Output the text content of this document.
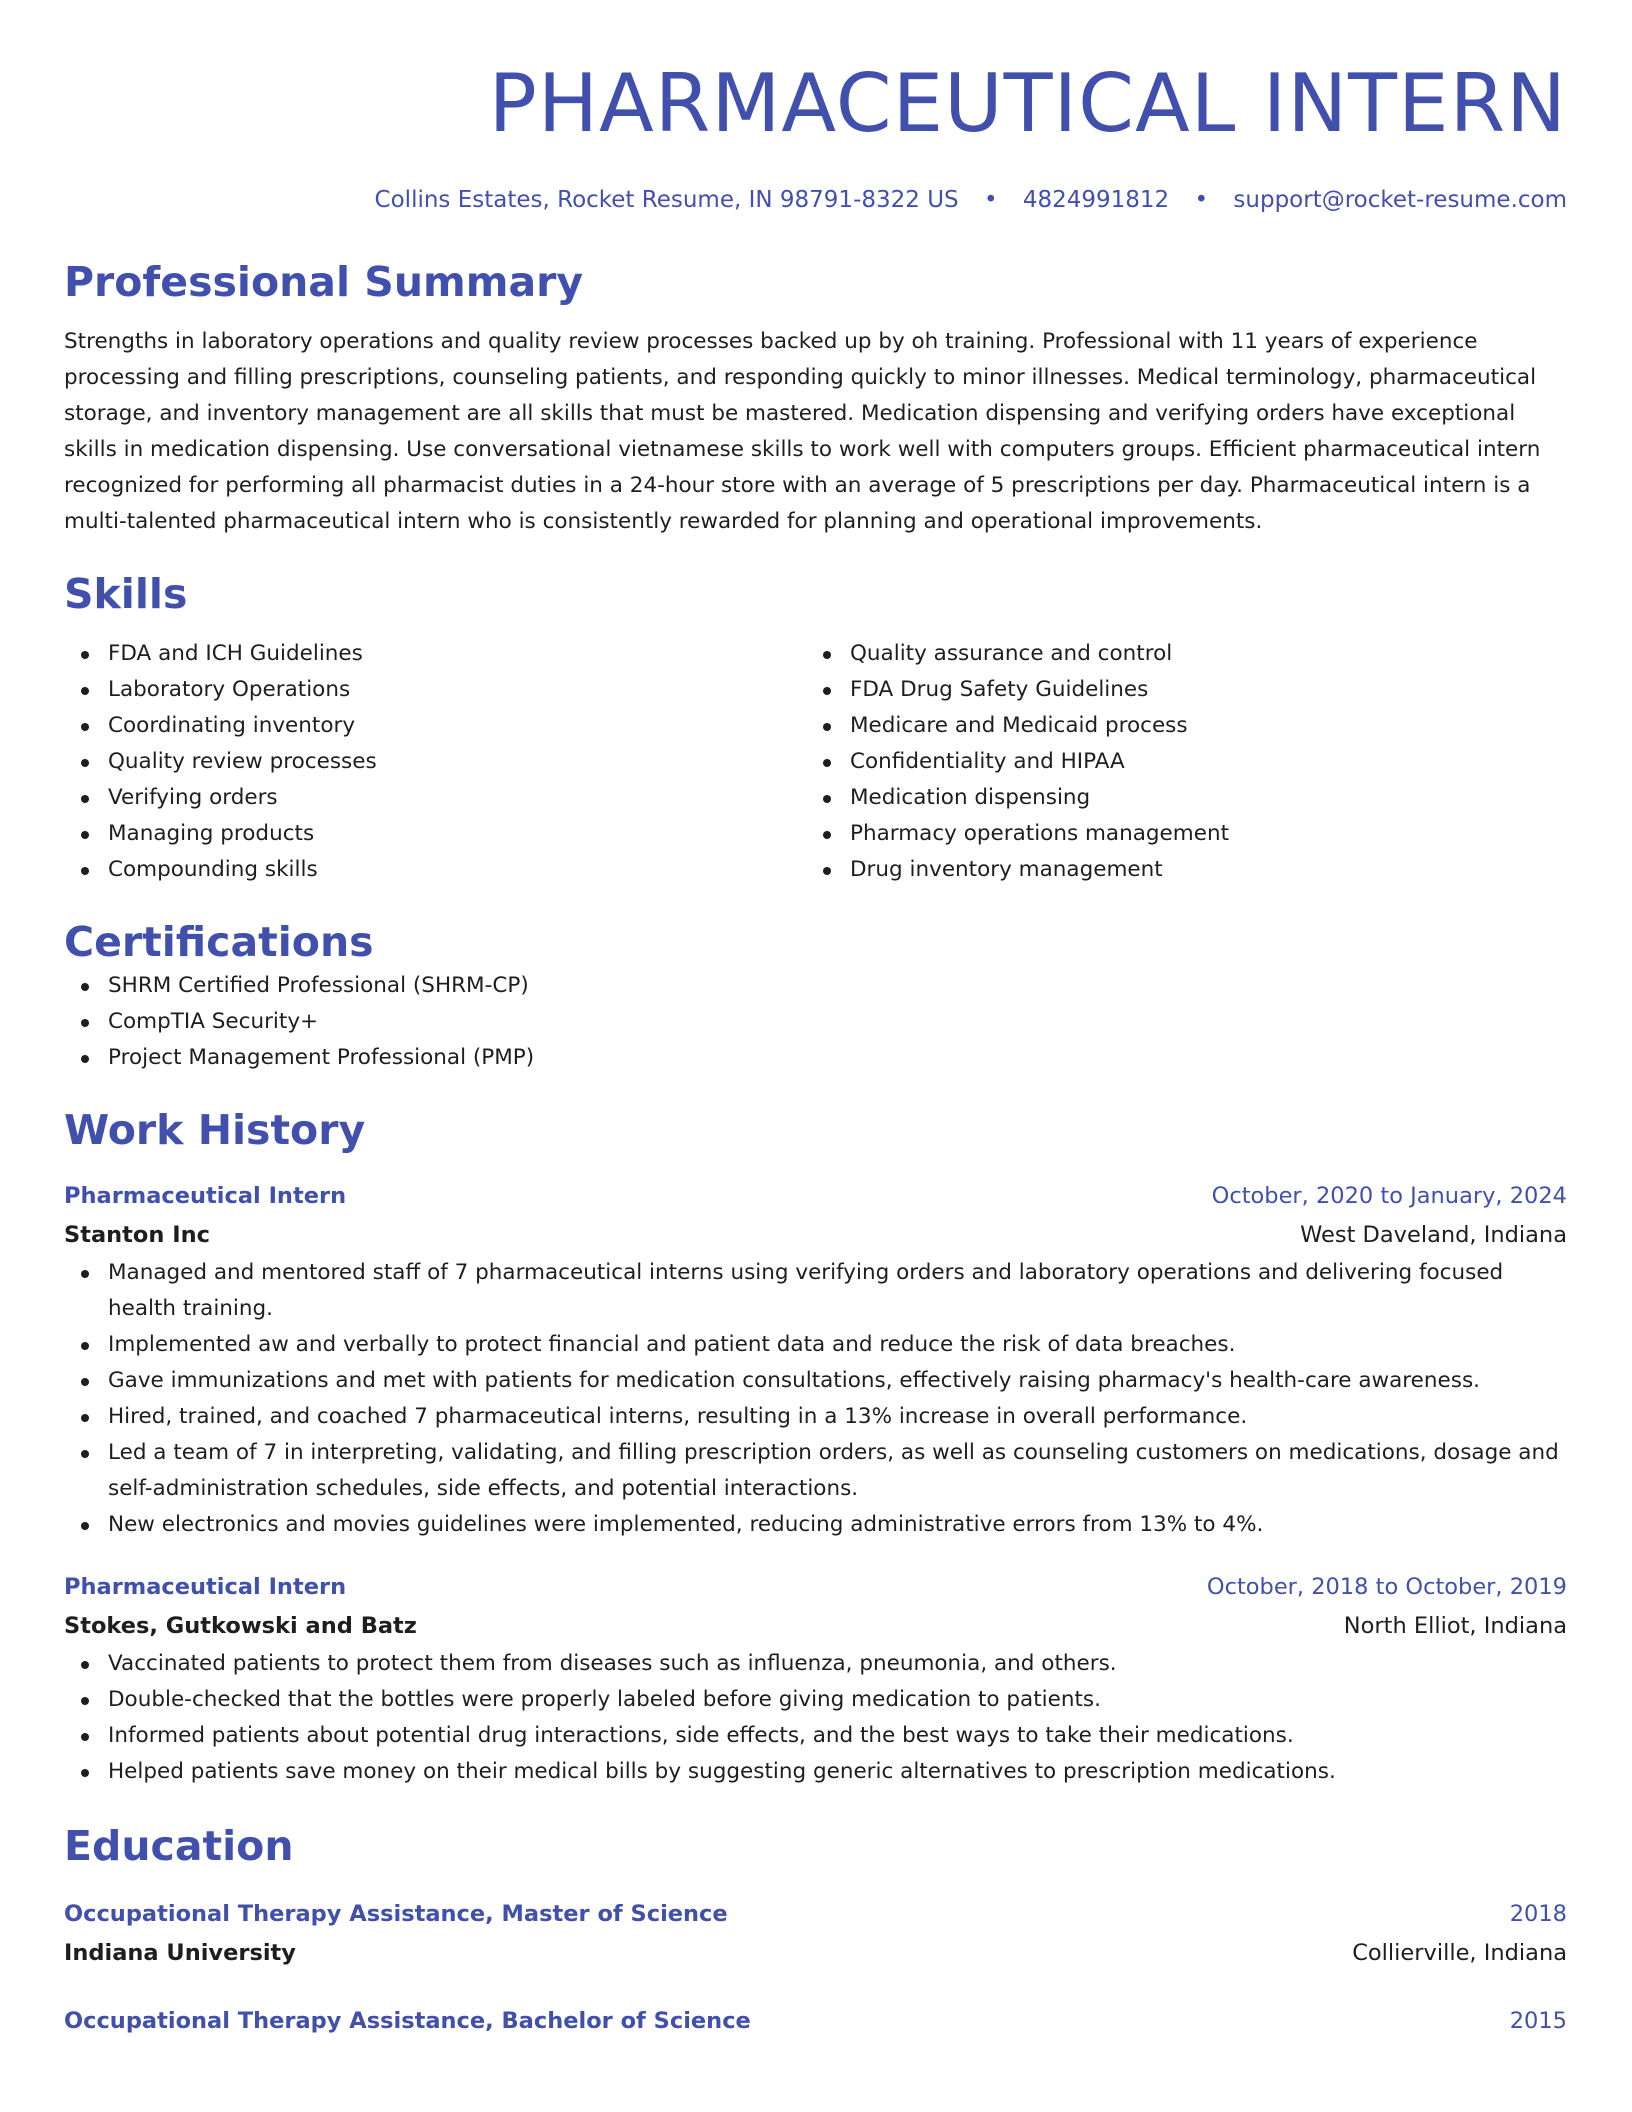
PHARMACEUTICAL INTERN
Collins Estates, Rocket Resume, IN 98791-8322 US • 4824991812 • support@rocket-resume.com
Professional Summary
Strengths in laboratory operations and quality review processes backed up by oh training. Professional with 11 years of experience processing and filling prescriptions, counseling patients, and responding quickly to minor illnesses. Medical terminology, pharmaceutical storage, and inventory management are all skills that must be mastered. Medication dispensing and verifying orders have exceptional skills in medication dispensing. Use conversational vietnamese skills to work well with computers groups. Efficient pharmaceutical intern recognized for performing all pharmacist duties in a 24-hour store with an average of 5 prescriptions per day. Pharmaceutical intern is a multi-talented pharmaceutical intern who is consistently rewarded for planning and operational improvements.
Skills
FDA and ICH Guidelines
Laboratory Operations
Coordinating inventory
Quality review processes
Verifying orders
Managing products
Compounding skills
Quality assurance and control
FDA Drug Safety Guidelines
Medicare and Medicaid process
Confidentiality and HIPAA
Medication dispensing
Pharmacy operations management
Drug inventory management
Certifications
SHRM Certified Professional (SHRM-CP)
CompTIA Security+
Project Management Professional (PMP)
Work History
Pharmaceutical Intern	October, 2020 to January, 2024
Stanton Inc	West Daveland, Indiana
Managed and mentored staff of 7 pharmaceutical interns using verifying orders and laboratory operations and delivering focused health training.
Implemented aw and verbally to protect financial and patient data and reduce the risk of data breaches.
Gave immunizations and met with patients for medication consultations, effectively raising pharmacy's health-care awareness.
Hired, trained, and coached 7 pharmaceutical interns, resulting in a 13% increase in overall performance.
Led a team of 7 in interpreting, validating, and filling prescription orders, as well as counseling customers on medications, dosage and self-administration schedules, side effects, and potential interactions.
New electronics and movies guidelines were implemented, reducing administrative errors from 13% to 4%.
Pharmaceutical Intern	October, 2018 to October, 2019
Stokes, Gutkowski and Batz	North Elliot, Indiana
Vaccinated patients to protect them from diseases such as influenza, pneumonia, and others.
Double-checked that the bottles were properly labeled before giving medication to patients.
Informed patients about potential drug interactions, side effects, and the best ways to take their medications.
Helped patients save money on their medical bills by suggesting generic alternatives to prescription medications.
Education
Occupational Therapy Assistance, Master of Science	2018
Indiana University	Collierville, Indiana
Occupational Therapy Assistance, Bachelor of Science	2015
